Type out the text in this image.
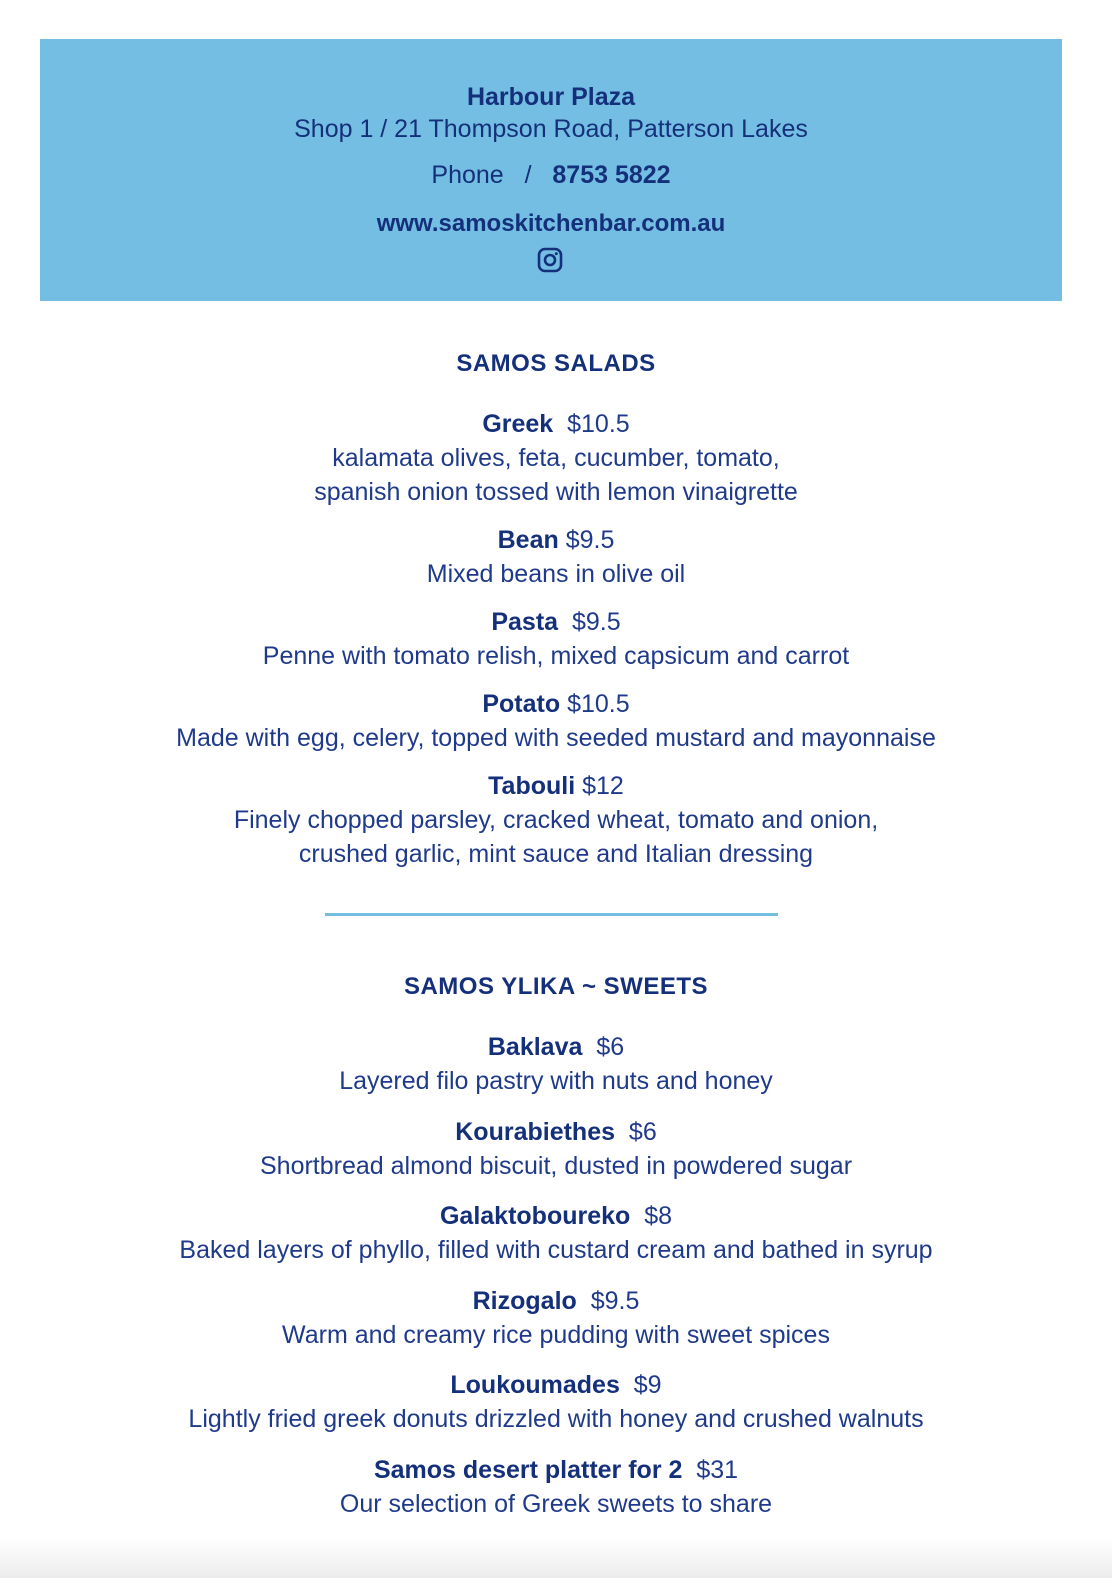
Harbour Plaza
Shop 1 / 21 Thompson Road, Patterson Lakes
Phone / 8753 5822
www.samoskitchenbar.com.au
SAMOS SALADS
Greek $10.5
kalamata olives, feta, cucumber, tomato,
spanish onion tossed with lemon vinaigrette
Bean $9.5
Mixed beans in olive oil
Pasta $9.5
Penne with tomato relish, mixed capsicum and carrot
Potato $10.5
Made with egg, celery, topped with seeded mustard and mayonnaise
Tabouli $12
Finely chopped parsley, cracked wheat, tomato and onion,
crushed garlic, mint sauce and Italian dressing
SAMOS YLIKA ~ SWEETS
Baklava $6
Layered filo pastry with nuts and honey
Kourabiethes $6
Shortbread almond biscuit, dusted in powdered sugar
Galaktoboureko $8
Baked layers of phyllo, filled with custard cream and bathed in syrup
Rizogalo $9.5
Warm and creamy rice pudding with sweet spices
Loukoumades $9
Lightly fried greek donuts drizzled with honey and crushed walnuts
Samos desert platter for 2 $31
Our selection of Greek sweets to share
